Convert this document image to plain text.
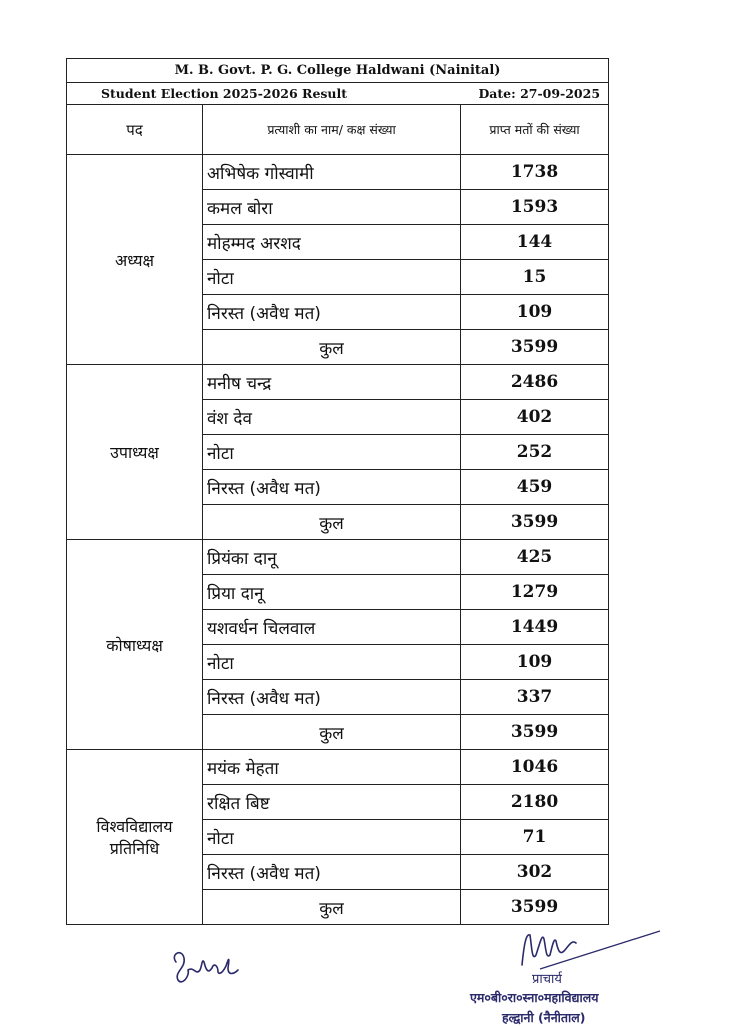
M. B. Govt. P. G. College Haldwani (Nainital)		

Student Election 2025-2026 Result Date: 27-09-2025		

पद	प्रत्याशी का नाम/ कक्ष संख्या	प्राप्त मतों की संख्या
अध्यक्ष	अभिषेक गोस्वामी	1738
	कमल बोरा	1593
	मोहम्मद अरशद	144
	नोटा	15
	निरस्त (अवैध मत)	109
	कुल	3599
उपाध्यक्ष	मनीष चन्द्र	2486
	वंश देव	402
	नोटा	252
	निरस्त (अवैध मत)	459
	कुल	3599
कोषाध्यक्ष	प्रियंका दानू	425
	प्रिया दानू	1279
	यशवर्धन चिलवाल	1449
	नोटा	109
	निरस्त (अवैध मत)	337
	कुल	3599
विश्वविद्यालय प्रतिनिधि	मयंक मेहता	1046
	रक्षित बिष्ट	2180
	नोटा	71
	निरस्त (अवैध मत)	302
	कुल	3599
प्राचार्य
एम०बी०रा०स्ना०महाविद्यालय
हल्द्वानी (नैनीताल)
